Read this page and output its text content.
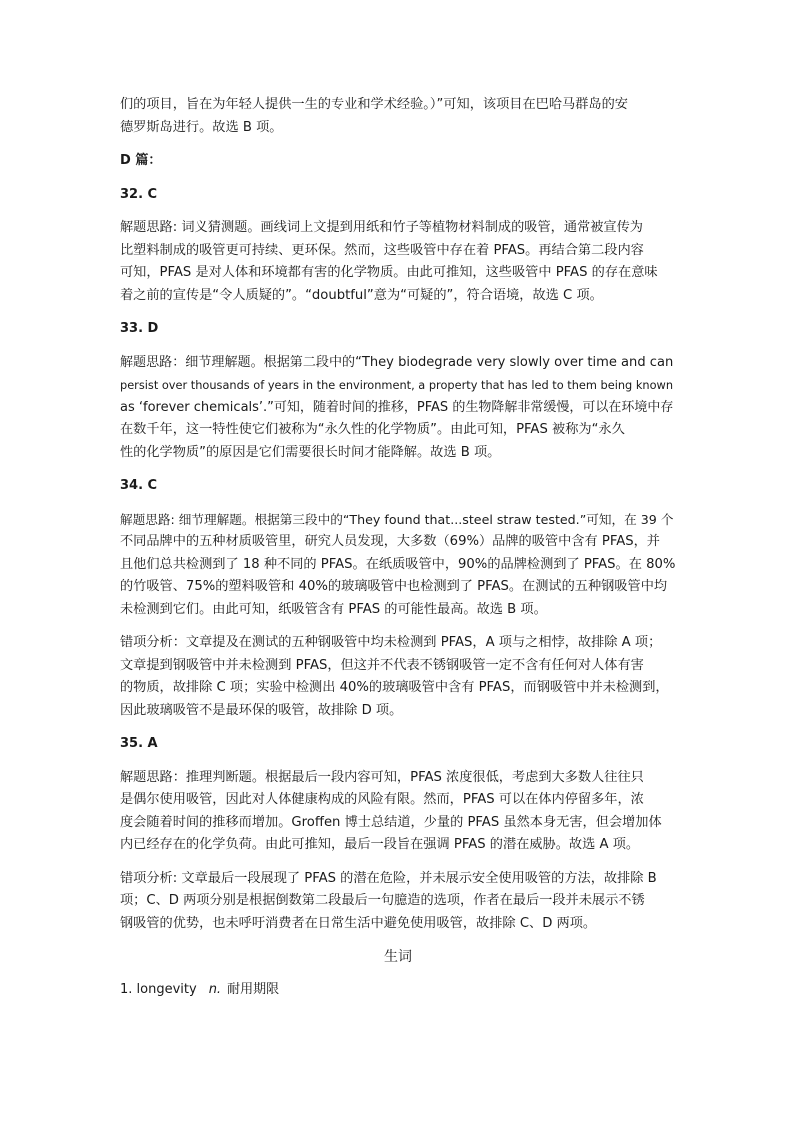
们的项目，旨在为年轻人提供一生的专业和学术经验。）”可知，该项目在巴哈马群岛的安
德罗斯岛进行。故选 B 项。

D 篇：

32. C

解题思路: 词义猜测题。画线词上文提到用纸和竹子等植物材料制成的吸管，通常被宣传为
比塑料制成的吸管更可持续、更环保。然而，这些吸管中存在着 PFAS。再结合第二段内容
可知，PFAS 是对人体和环境都有害的化学物质。由此可推知，这些吸管中 PFAS 的存在意味
着之前的宣传是“令人质疑的”。“doubtful”意为“可疑的”，符合语境，故选 C 项。

33. D

解题思路：细节理解题。根据第二段中的“They biodegrade very slowly over time and can
persist over thousands of years in the environment, a property that has led to them being known
as ‘forever chemicals’.”可知，随着时间的推移，PFAS 的生物降解非常缓慢，可以在环境中存
在数千年，这一特性使它们被称为“永久性的化学物质”。由此可知，PFAS 被称为“永久
性的化学物质”的原因是它们需要很长时间才能降解。故选 B 项。

34. C

解题思路: 细节理解题。根据第三段中的“They found that...steel straw tested.”可知，在 39 个
不同品牌中的五种材质吸管里，研究人员发现，大多数（69%）品牌的吸管中含有 PFAS，并
且他们总共检测到了 18 种不同的 PFAS。在纸质吸管中，90%的品牌检测到了 PFAS。在 80%
的竹吸管、75%的塑料吸管和 40%的玻璃吸管中也检测到了 PFAS。在测试的五种钢吸管中均
未检测到它们。由此可知，纸吸管含有 PFAS 的可能性最高。故选 B 项。

错项分析：文章提及在测试的五种钢吸管中均未检测到 PFAS，A 项与之相悖，故排除 A 项；
文章提到钢吸管中并未检测到 PFAS，但这并不代表不锈钢吸管一定不含有任何对人体有害
的物质，故排除 C 项；实验中检测出 40%的玻璃吸管中含有 PFAS，而钢吸管中并未检测到，
因此玻璃吸管不是最环保的吸管，故排除 D 项。

35. A

解题思路：推理判断题。根据最后一段内容可知，PFAS 浓度很低，考虑到大多数人往往只
是偶尔使用吸管，因此对人体健康构成的风险有限。然而，PFAS 可以在体内停留多年，浓
度会随着时间的推移而增加。Groffen 博士总结道，少量的 PFAS 虽然本身无害，但会增加体
内已经存在的化学负荷。由此可推知，最后一段旨在强调 PFAS 的潜在威胁。故选 A 项。

错项分析: 文章最后一段展现了 PFAS 的潜在危险，并未展示安全使用吸管的方法，故排除 B
项；C、D 两项分别是根据倒数第二段最后一句臆造的选项，作者在最后一段并未展示不锈
钢吸管的优势，也未呼吁消费者在日常生活中避免使用吸管，故排除 C、D 两项。

生词
1. longevity n. 耐用期限
